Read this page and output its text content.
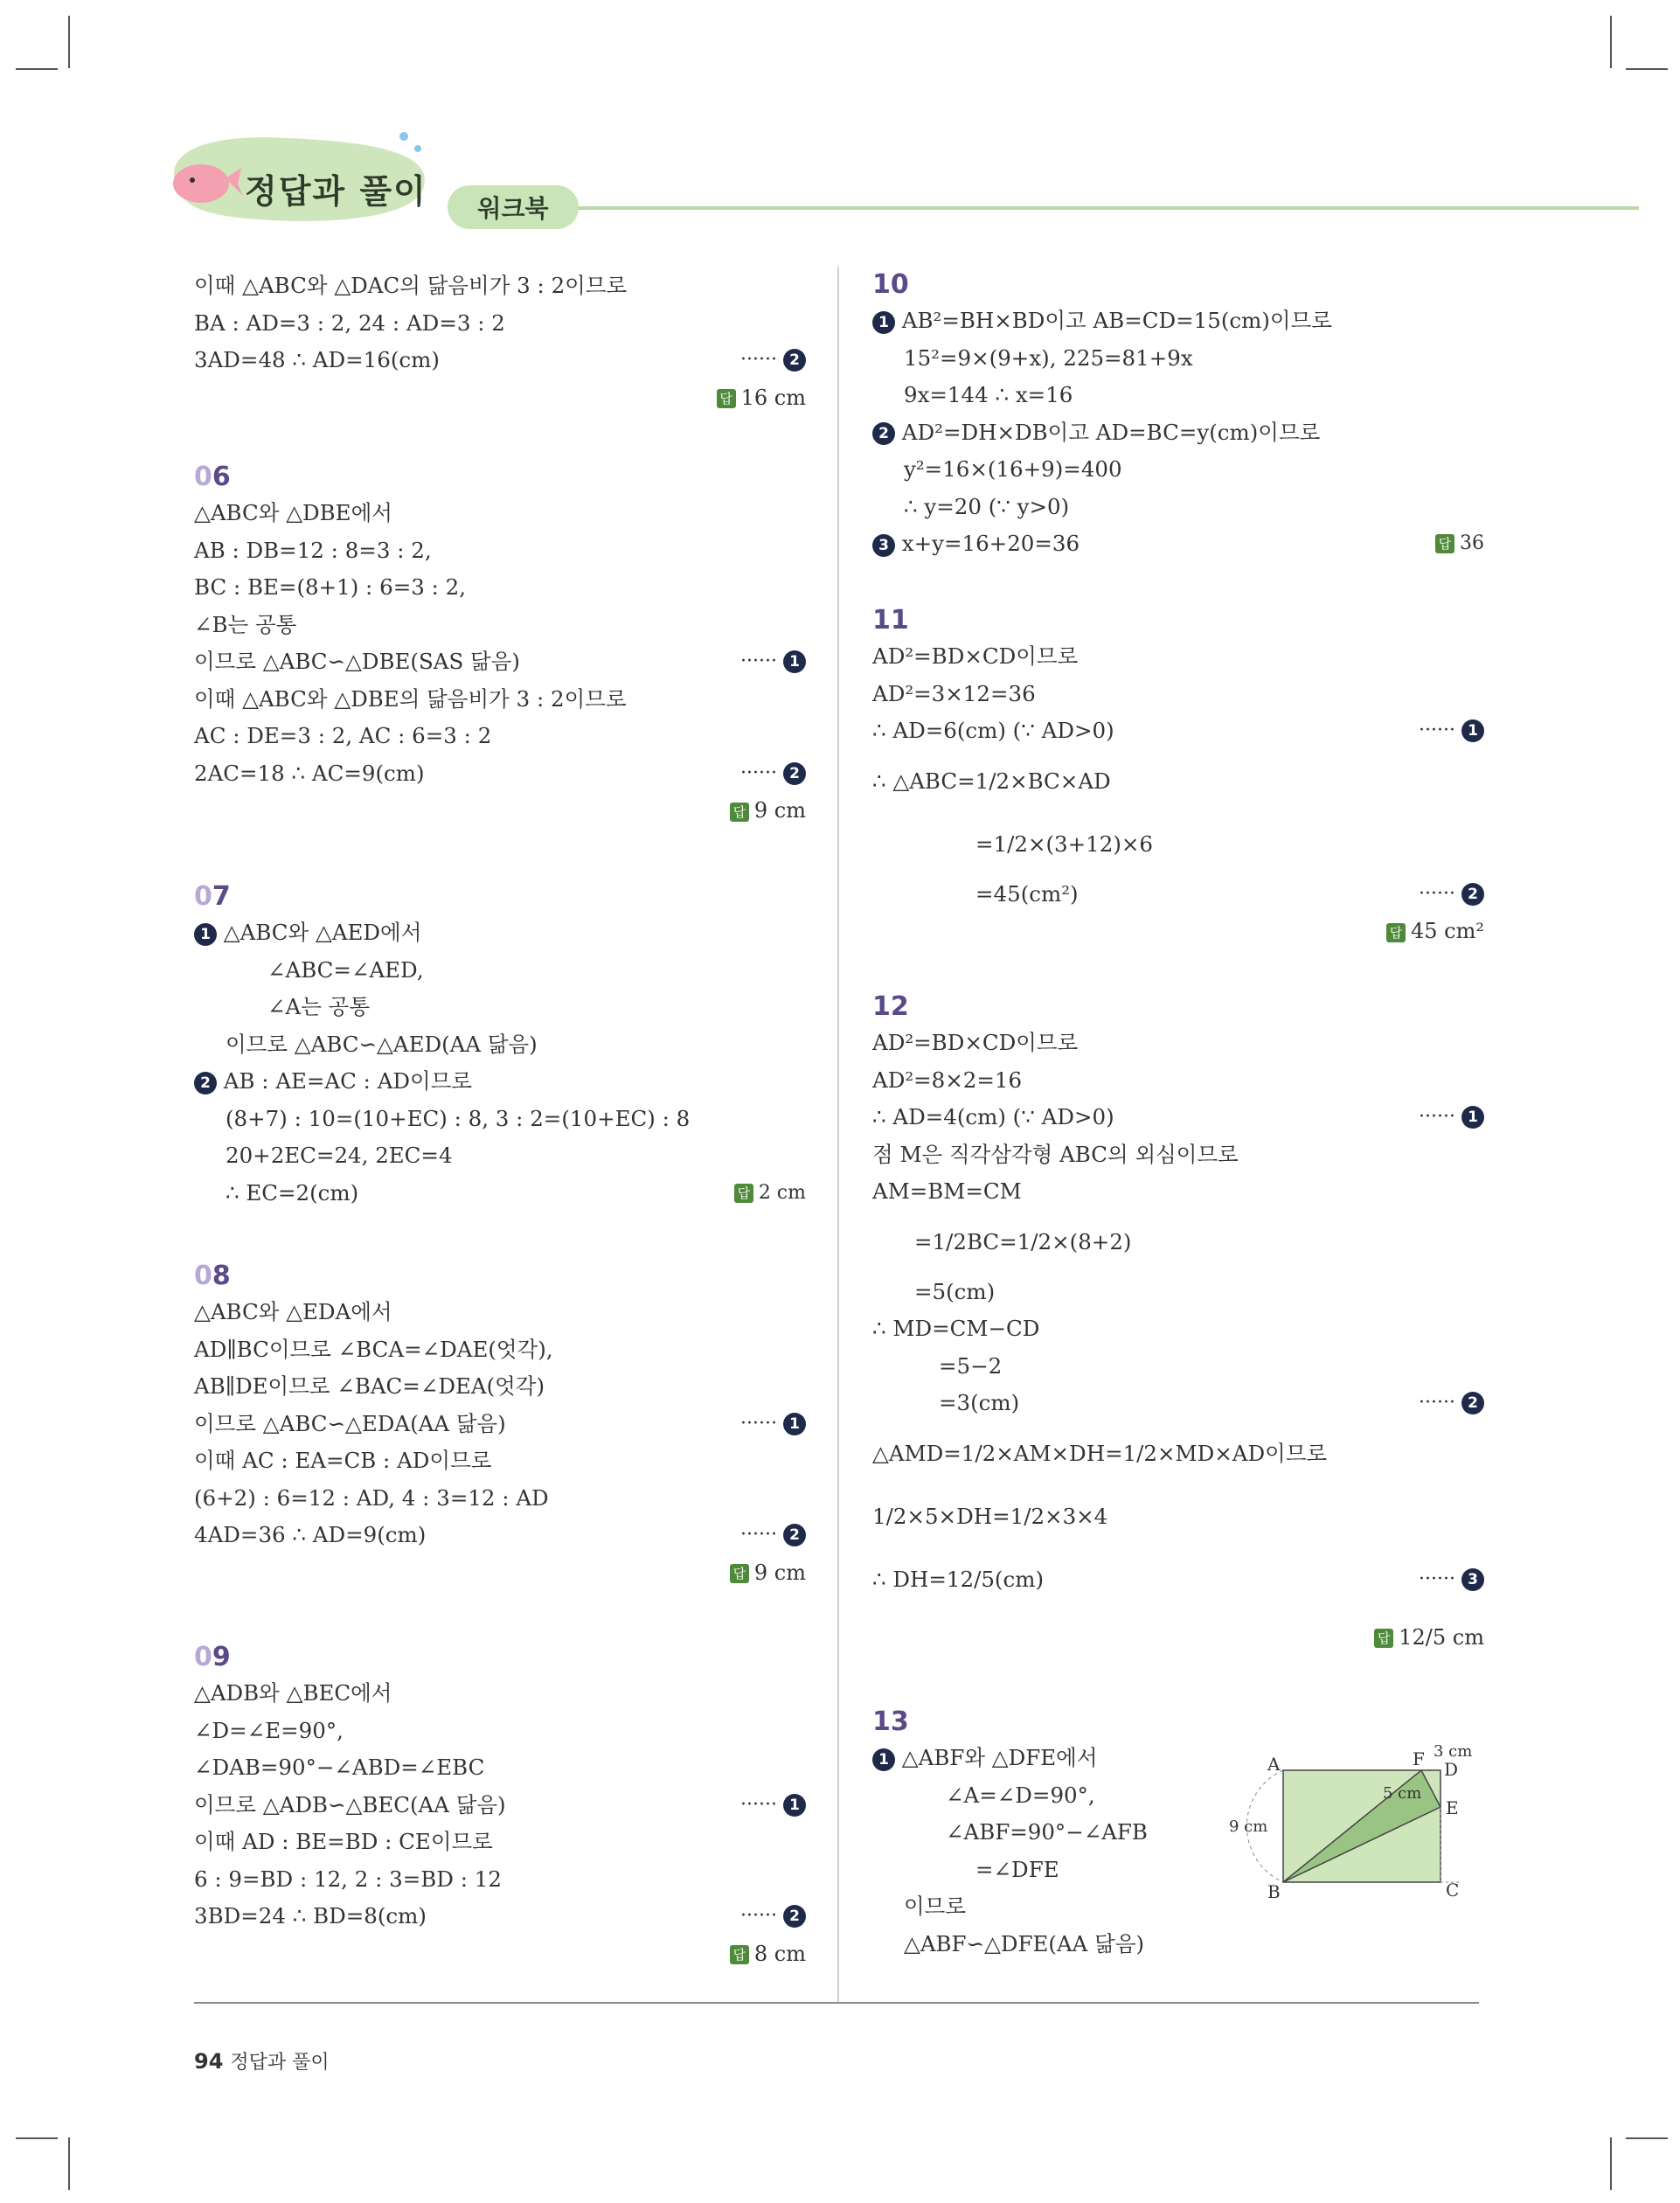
정답과 풀이	워크북
이때 △ABC와 △DAC의 닮음비가 3 : 2이므로
BA : AD=3 : 2, 24 : AD=3 : 2
3AD=48 ∴ AD=16(cm)	······ 2
답 16 cm
06
△ABC와 △DBE에서
AB : DB=12 : 8=3 : 2,
BC : BE=(8+1) : 6=3 : 2,
∠B는 공통
이므로 △ABC∽△DBE(SAS 닮음)	······ 1
이때 △ABC와 △DBE의 닮음비가 3 : 2이므로
AC : DE=3 : 2, AC : 6=3 : 2
2AC=18 ∴ AC=9(cm)	······ 2
답 9 cm
07
1 △ABC와 △AED에서
∠ABC=∠AED,
∠A는 공통
이므로 △ABC∽△AED(AA 닮음)
2 AB : AE=AC : AD이므로
(8+7) : 10=(10+EC) : 8, 3 : 2=(10+EC) : 8
20+2EC=24, 2EC=4
∴ EC=2(cm)	답 2 cm
08
△ABC와 △EDA에서
AD∥BC이므로 ∠BCA=∠DAE(엇각),
AB∥DE이므로 ∠BAC=∠DEA(엇각)
이므로 △ABC∽△EDA(AA 닮음)	······ 1
이때 AC : EA=CB : AD이므로
(6+2) : 6=12 : AD, 4 : 3=12 : AD
4AD=36 ∴ AD=9(cm)	······ 2
답 9 cm
09
△ADB와 △BEC에서
∠D=∠E=90°,
∠DAB=90°−∠ABD=∠EBC
이므로 △ADB∽△BEC(AA 닮음)	······ 1
이때 AD : BE=BD : CE이므로
6 : 9=BD : 12, 2 : 3=BD : 12
3BD=24 ∴ BD=8(cm)	······ 2
답 8 cm
10
1 AB²=BH×BD이고 AB=CD=15(cm)이므로
15²=9×(9+x), 225=81+9x
9x=144 ∴ x=16
2 AD²=DH×DB이고 AD=BC=y(cm)이므로
y²=16×(16+9)=400
∴ y=20 (∵ y>0)
3 x+y=16+20=36	답 36
11
AD²=BD×CD이므로
AD²=3×12=36
∴ AD=6(cm) (∵ AD>0)	······ 1
∴ △ABC=1/2×BC×AD
=1/2×(3+12)×6
=45(cm²)	······ 2
답 45 cm²
12
AD²=BD×CD이므로
AD²=8×2=16
∴ AD=4(cm) (∵ AD>0)	······ 1
점 M은 직각삼각형 ABC의 외심이므로
AM=BM=CM
=1/2BC=1/2×(8+2)
=5(cm)
∴ MD=CM−CD
=5−2
=3(cm)	······ 2
△AMD=1/2×AM×DH=1/2×MD×AD이므로
1/2×5×DH=1/2×3×4
∴ DH=12/5(cm)	······ 3
답 12/5 cm
13
1 △ABF와 △DFE에서
∠A=∠D=90°,
∠ABF=90°−∠AFB
=∠DFE
이므로
△ABF∽△DFE(AA 닮음)
A
B	C
D
E
F 3 cm
5 cm
9 cm
94 정답과 풀이
